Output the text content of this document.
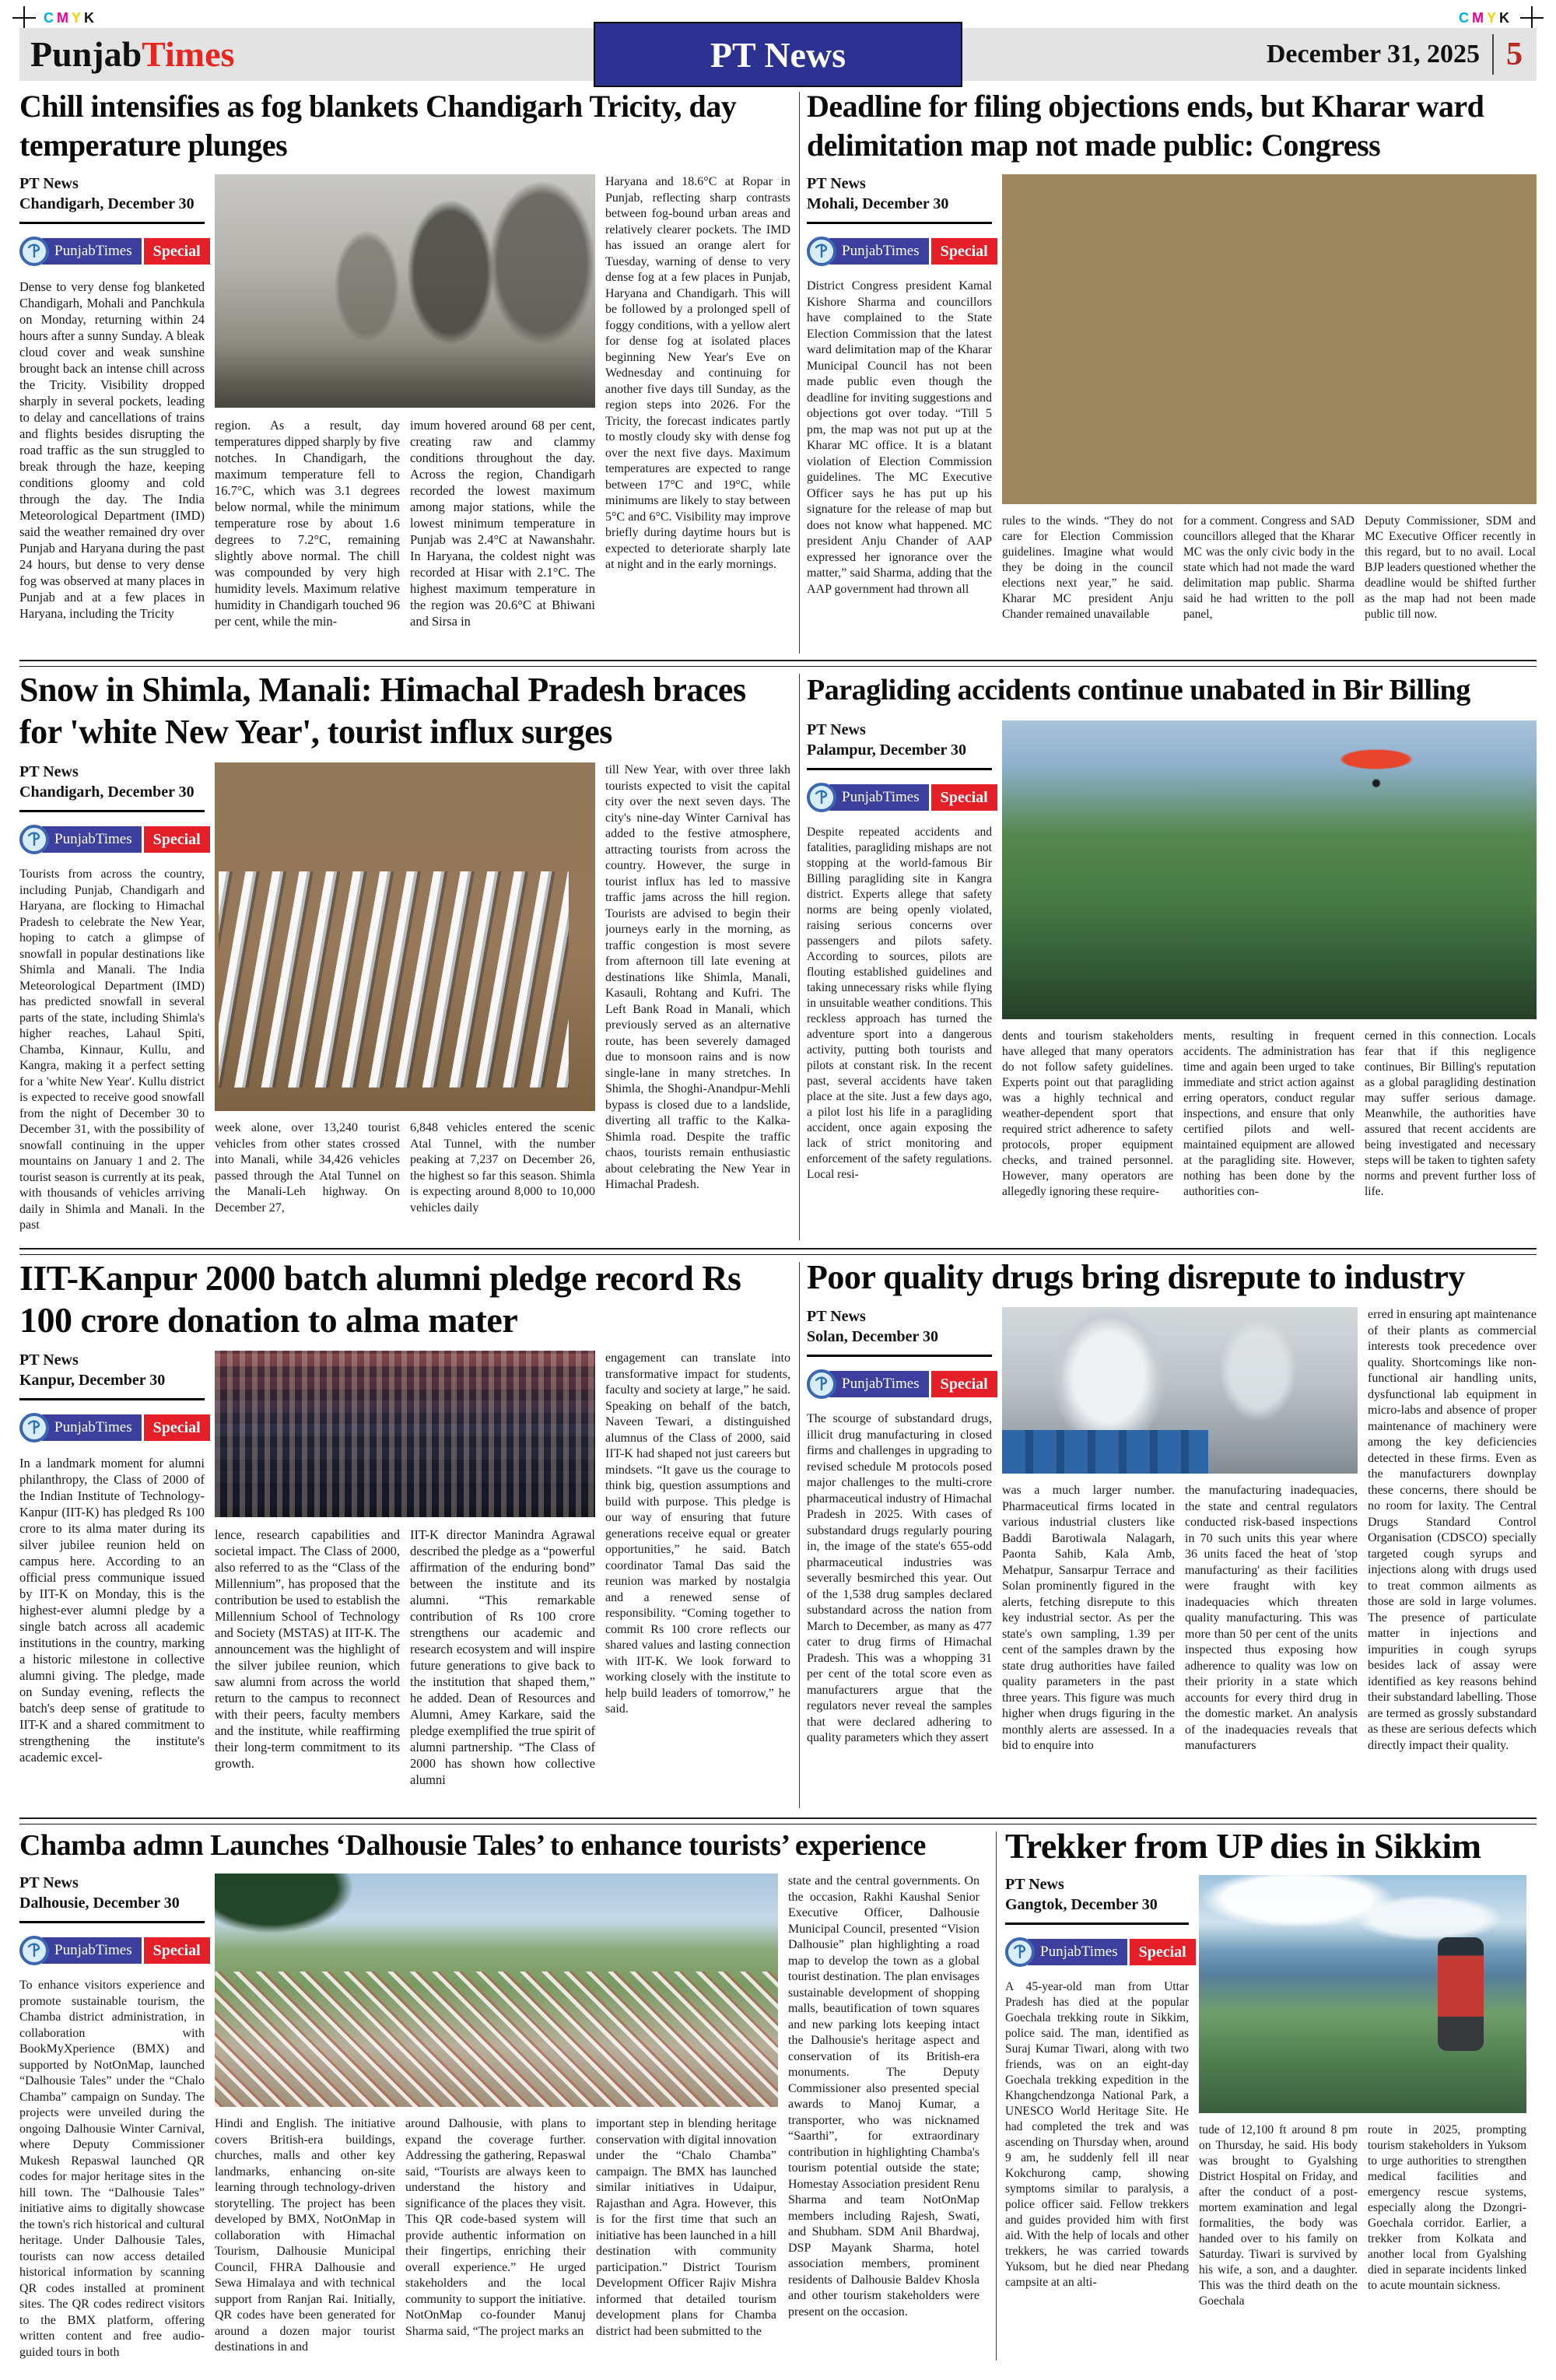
CMYK	CMYK
PunjabTimes	PT News	December 31, 2025 5
Chill intensifies as fog blankets Chandigarh Tricity, day temperature plunges
PT News
Chandigarh, December 30
PunjabTimes	Special
Dense to very dense fog blanketed Chandigarh, Mohali and Panchkula on Monday, returning within 24 hours after a sunny Sunday. A bleak cloud cover and weak sunshine brought back an intense chill across the Tricity. Visibility dropped sharply in several pockets, leading to delay and cancellations of trains and flights besides disrupting the road traffic as the sun struggled to break through the haze, keeping conditions gloomy and cold through the day. The India Meteorological Department (IMD) said the weather remained dry over Punjab and Haryana during the past 24 hours, but dense to very dense fog was observed at many places in Punjab and at a few places in Haryana, including the Tricity
region. As a result, day temperatures dipped sharply by five notches. In Chandigarh, the maximum temperature fell to 16.7°C, which was 3.1 degrees below normal, while the minimum temperature rose by about 1.6 degrees to 7.2°C, remaining slightly above normal. The chill was compounded by very high humidity levels. Maximum relative humidity in Chandigarh touched 96 per cent, while the min-
imum hovered around 68 per cent, creating raw and clammy conditions throughout the day. Across the region, Chandigarh recorded the lowest maximum among major stations, while the lowest minimum temperature in Punjab was 2.4°C at Nawanshahr. In Haryana, the coldest night was recorded at Hisar with 2.1°C. The highest maximum temperature in the region was 20.6°C at Bhiwani and Sirsa in
Haryana and 18.6°C at Ropar in Punjab, reflecting sharp contrasts between fog-bound urban areas and relatively clearer pockets. The IMD has issued an orange alert for Tuesday, warning of dense to very dense fog at a few places in Punjab, Haryana and Chandigarh. This will be followed by a prolonged spell of foggy conditions, with a yellow alert for dense fog at isolated places beginning New Year's Eve on Wednesday and continuing for another five days till Sunday, as the region steps into 2026. For the Tricity, the forecast indicates partly to mostly cloudy sky with dense fog over the next five days. Maximum temperatures are expected to range between 17°C and 19°C, while minimums are likely to stay between 5°C and 6°C. Visibility may improve briefly during daytime hours but is expected to deteriorate sharply late at night and in the early mornings.
Deadline for filing objections ends, but Kharar ward delimitation map not made public: Congress
PT News
Mohali, December 30
PunjabTimes	Special
District Congress president Kamal Kishore Sharma and councillors have complained to the State Election Commission that the latest ward delimitation map of the Kharar Municipal Council has not been made public even though the deadline for inviting suggestions and objections got over today. “Till 5 pm, the map was not put up at the Kharar MC office. It is a blatant violation of Election Commission guidelines. The MC Executive Officer says he has put up his signature for the release of map but does not know what happened. MC president Anju Chander of AAP expressed her ignorance over the matter,” said Sharma, adding that the AAP government had thrown all
rules to the winds. “They do not care for Election Commission guidelines. Imagine what would they be doing in the council elections next year,” he said. Kharar MC president Anju Chander remained unavailable
for a comment. Congress and SAD councillors alleged that the Kharar MC was the only civic body in the state which had not made the ward delimitation map public. Sharma said he had written to the poll panel,
Deputy Commissioner, SDM and MC Executive Officer recently in this regard, but to no avail. Local BJP leaders questioned whether the deadline would be shifted further as the map had not been made public till now.
Snow in Shimla, Manali: Himachal Pradesh braces for 'white New Year', tourist influx surges
PT News
Chandigarh, December 30
PunjabTimes	Special
Tourists from across the country, including Punjab, Chandigarh and Haryana, are flocking to Himachal Pradesh to celebrate the New Year, hoping to catch a glimpse of snowfall in popular destinations like Shimla and Manali. The India Meteorological Department (IMD) has predicted snowfall in several parts of the state, including Shimla's higher reaches, Lahaul Spiti, Chamba, Kinnaur, Kullu, and Kangra, making it a perfect setting for a 'white New Year'. Kullu district is expected to receive good snowfall from the night of December 30 to December 31, with the possibility of snowfall continuing in the upper mountains on January 1 and 2. The tourist season is currently at its peak, with thousands of vehicles arriving daily in Shimla and Manali. In the past
week alone, over 13,240 tourist vehicles from other states crossed into Manali, while 34,426 vehicles passed through the Atal Tunnel on the Manali-Leh highway. On December 27,
6,848 vehicles entered the scenic Atal Tunnel, with the number peaking at 7,237 on December 26, the highest so far this season. Shimla is expecting around 8,000 to 10,000 vehicles daily
till New Year, with over three lakh tourists expected to visit the capital city over the next seven days. The city's nine-day Winter Carnival has added to the festive atmosphere, attracting tourists from across the country. However, the surge in tourist influx has led to massive traffic jams across the hill region. Tourists are advised to begin their journeys early in the morning, as traffic congestion is most severe from afternoon till late evening at destinations like Shimla, Manali, Kasauli, Rohtang and Kufri. The Left Bank Road in Manali, which previously served as an alternative route, has been severely damaged due to monsoon rains and is now single-lane in many stretches. In Shimla, the Shoghi-Anandpur-Mehli bypass is closed due to a landslide, diverting all traffic to the Kalka-Shimla road. Despite the traffic chaos, tourists remain enthusiastic about celebrating the New Year in Himachal Pradesh.
Paragliding accidents continue unabated in Bir Billing
PT News
Palampur, December 30
PunjabTimes	Special
Despite repeated accidents and fatalities, paragliding mishaps are not stopping at the world-famous Bir Billing paragliding site in Kangra district. Experts allege that safety norms are being openly violated, raising serious concerns over passengers and pilots safety. According to sources, pilots are flouting established guidelines and taking unnecessary risks while flying in unsuitable weather conditions. This reckless approach has turned the adventure sport into a dangerous activity, putting both tourists and pilots at constant risk. In the recent past, several accidents have taken place at the site. Just a few days ago, a pilot lost his life in a paragliding accident, once again exposing the lack of strict monitoring and enforcement of the safety regulations. Local resi-
dents and tourism stakeholders have alleged that many operators do not follow safety guidelines. Experts point out that paragliding was a highly technical and weather-dependent sport that required strict adherence to safety protocols, proper equipment checks, and trained personnel. However, many operators are allegedly ignoring these require-
ments, resulting in frequent accidents. The administration has time and again been urged to take immediate and strict action against erring operators, conduct regular inspections, and ensure that only certified pilots and well-maintained equipment are allowed at the paragliding site. However, nothing has been done by the authorities con-
cerned in this connection. Locals fear that if this negligence continues, Bir Billing's reputation as a global paragliding destination may suffer serious damage. Meanwhile, the authorities have assured that recent accidents are being investigated and necessary steps will be taken to tighten safety norms and prevent further loss of life.
IIT-Kanpur 2000 batch alumni pledge record Rs 100 crore donation to alma mater
PT News
Kanpur, December 30
PunjabTimes	Special
In a landmark moment for alumni philanthropy, the Class of 2000 of the Indian Institute of Technology-Kanpur (IIT-K) has pledged Rs 100 crore to its alma mater during its silver jubilee reunion held on campus here. According to an official press communique issued by IIT-K on Monday, this is the highest-ever alumni pledge by a single batch across all academic institutions in the country, marking a historic milestone in collective alumni giving. The pledge, made on Sunday evening, reflects the batch's deep sense of gratitude to IIT-K and a shared commitment to strengthening the institute's academic excel-
lence, research capabilities and societal impact. The Class of 2000, also referred to as the “Class of the Millennium”, has proposed that the contribution be used to establish the Millennium School of Technology and Society (MSTAS) at IIT-K. The announcement was the highlight of the silver jubilee reunion, which saw alumni from across the world return to the campus to reconnect with their peers, faculty members and the institute, while reaffirming their long-term commitment to its growth.
IIT-K director Manindra Agrawal described the pledge as a “powerful affirmation of the enduring bond” between the institute and its alumni. “This remarkable contribution of Rs 100 crore strengthens our academic and research ecosystem and will inspire future generations to give back to the institution that shaped them,” he added. Dean of Resources and Alumni, Amey Karkare, said the pledge exemplified the true spirit of alumni partnership. “The Class of 2000 has shown how collective alumni
engagement can translate into transformative impact for students, faculty and society at large,” he said. Speaking on behalf of the batch, Naveen Tewari, a distinguished alumnus of the Class of 2000, said IIT-K had shaped not just careers but mindsets. “It gave us the courage to think big, question assumptions and build with purpose. This pledge is our way of ensuring that future generations receive equal or greater opportunities,” he said. Batch coordinator Tamal Das said the reunion was marked by nostalgia and a renewed sense of responsibility. “Coming together to commit Rs 100 crore reflects our shared values and lasting connection with IIT-K. We look forward to working closely with the institute to help build leaders of tomorrow,” he said.
Poor quality drugs bring disrepute to industry
PT News
Solan, December 30
PunjabTimes	Special
The scourge of substandard drugs, illicit drug manufacturing in closed firms and challenges in upgrading to revised schedule M protocols posed major challenges to the multi-crore pharmaceutical industry of Himachal Pradesh in 2025. With cases of substandard drugs regularly pouring in, the image of the state's 655-odd pharmaceutical industries was severally besmirched this year. Out of the 1,538 drug samples declared substandard across the nation from March to December, as many as 477 cater to drug firms of Himachal Pradesh. This was a whopping 31 per cent of the total score even as manufacturers argue that the regulators never reveal the samples that were declared adhering to quality parameters which they assert
was a much larger number. Pharmaceutical firms located in various industrial clusters like Baddi Barotiwala Nalagarh, Paonta Sahib, Kala Amb, Mehatpur, Sansarpur Terrace and Solan prominently figured in the alerts, fetching disrepute to this key industrial sector. As per the state's own sampling, 1.39 per cent of the samples drawn by the state drug authorities have failed quality parameters in the past three years. This figure was much higher when drugs figuring in the monthly alerts are assessed. In a bid to enquire into
the manufacturing inadequacies, the state and central regulators conducted risk-based inspections in 70 such units this year where 36 units faced the heat of 'stop manufacturing' as their facilities were fraught with key inadequacies which threaten quality manufacturing. This was more than 50 per cent of the units inspected thus exposing how adherence to quality was low on their priority in a state which accounts for every third drug in the domestic market. An analysis of the inadequacies reveals that manufacturers
erred in ensuring apt maintenance of their plants as commercial interests took precedence over quality. Shortcomings like non-functional air handling units, dysfunctional lab equipment in micro-labs and absence of proper maintenance of machinery were among the key deficiencies detected in these firms. Even as the manufacturers downplay these concerns, there should be no room for laxity. The Central Drugs Standard Control Organisation (CDSCO) specially targeted cough syrups and injections along with drugs used to treat common ailments as those are sold in large volumes. The presence of particulate matter in injections and impurities in cough syrups besides lack of assay were identified as key reasons behind their substandard labelling. Those are termed as grossly substandard as these are serious defects which directly impact their quality.
Chamba admn Launches ‘Dalhousie Tales’ to enhance tourists’ experience
PT News
Dalhousie, December 30
PunjabTimes	Special
To enhance visitors experience and promote sustainable tourism, the Chamba district administration, in collaboration with BookMyXperience (BMX) and supported by NotOnMap, launched “Dalhousie Tales” under the “Chalo Chamba” campaign on Sunday. The projects were unveiled during the ongoing Dalhousie Winter Carnival, where Deputy Commissioner Mukesh Repaswal launched QR codes for major heritage sites in the hill town. The “Dalhousie Tales” initiative aims to digitally showcase the town's rich historical and cultural heritage. Under Dalhousie Tales, tourists can now access detailed historical information by scanning QR codes installed at prominent sites. The QR codes redirect visitors to the BMX platform, offering written content and free audio-guided tours in both
Hindi and English. The initiative covers British-era buildings, churches, malls and other key landmarks, enhancing on-site learning through technology-driven storytelling. The project has been developed by BMX, NotOnMap in collaboration with Himachal Tourism, Dalhousie Municipal Council, FHRA Dalhousie and Sewa Himalaya and with technical support from Ranjan Rai. Initially, QR codes have been generated for around a dozen major tourist destinations in and
around Dalhousie, with plans to expand the coverage further. Addressing the gathering, Repaswal said, “Tourists are always keen to understand the history and significance of the places they visit. This QR code-based system will provide authentic information on their fingertips, enriching their overall experience.” He urged stakeholders and the local community to support the initiative. NotOnMap co-founder Manuj Sharma said, “The project marks an
important step in blending heritage conservation with digital innovation under the “Chalo Chamba” campaign. The BMX has launched similar initiatives in Udaipur, Rajasthan and Agra. However, this is for the first time that such an initiative has been launched in a hill destination with community participation.” District Tourism Development Officer Rajiv Mishra informed that detailed tourism development plans for Chamba district had been submitted to the
state and the central governments. On the occasion, Rakhi Kaushal Senior Executive Officer, Dalhousie Municipal Council, presented “Vision Dalhousie” plan highlighting a road map to develop the town as a global tourist destination. The plan envisages sustainable development of shopping malls, beautification of town squares and new parking lots keeping intact the Dalhousie's heritage aspect and conservation of its British-era monuments. The Deputy Commissioner also presented special awards to Manoj Kumar, a transporter, who was nicknamed “Saarthi”, for extraordinary contribution in highlighting Chamba's tourism potential outside the state; Homestay Association president Renu Sharma and team NotOnMap members including Rajesh, Swati, and Shubham. SDM Anil Bhardwaj, DSP Mayank Sharma, hotel association members, prominent residents of Dalhousie Baldev Khosla and other tourism stakeholders were present on the occasion.
Trekker from UP dies in Sikkim
PT News
Gangtok, December 30
PunjabTimes	Special
A 45-year-old man from Uttar Pradesh has died at the popular Goechala trekking route in Sikkim, police said. The man, identified as Suraj Kumar Tiwari, along with two friends, was on an eight-day Goechala trekking expedition in the Khangchendzonga National Park, a UNESCO World Heritage Site. He had completed the trek and was ascending on Thursday when, around 9 am, he suddenly fell ill near Kokchurong camp, showing symptoms similar to paralysis, a police officer said. Fellow trekkers and guides provided him with first aid. With the help of locals and other trekkers, he was carried towards Yuksom, but he died near Phedang campsite at an alti-
tude of 12,100 ft around 8 pm on Thursday, he said. His body was brought to Gyalshing District Hospital on Friday, and after the conduct of a post-mortem examination and legal formalities, the body was handed over to his family on Saturday. Tiwari is survived by his wife, a son, and a daughter. This was the third death on the Goechala
route in 2025, prompting tourism stakeholders in Yuksom to urge authorities to strengthen medical facilities and emergency rescue systems, especially along the Dzongri-Goechala corridor. Earlier, a trekker from Kolkata and another local from Gyalshing died in separate incidents linked to acute mountain sickness.
